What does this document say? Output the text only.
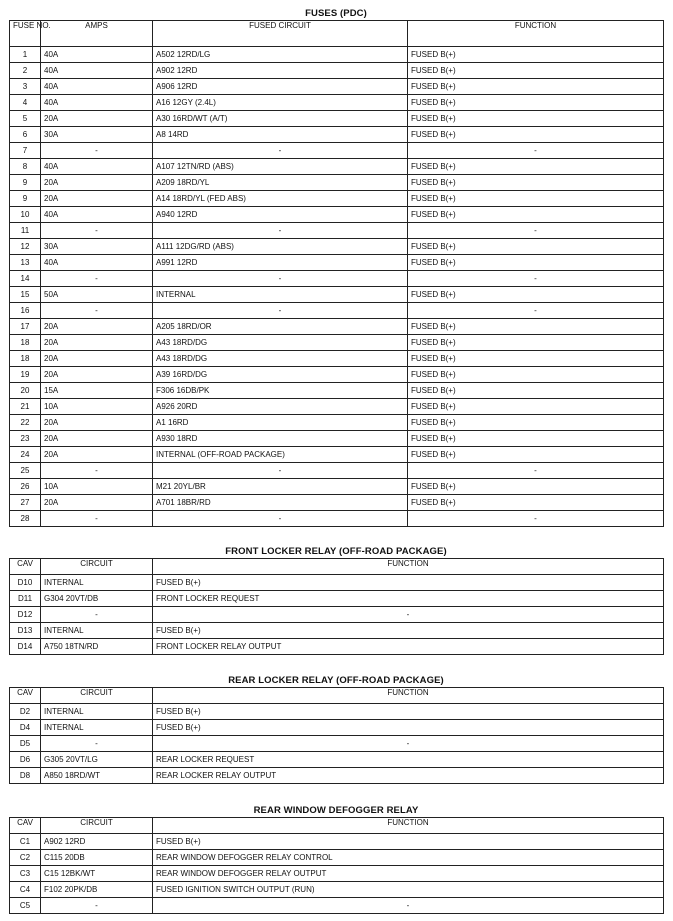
FUSES (PDC)
FUSE NO.	AMPS	FUSED CIRCUIT	FUNCTION
1	40A	A502 12RD/LG	FUSED B(+)
2	40A	A902 12RD	FUSED B(+)
3	40A	A906 12RD	FUSED B(+)
4	40A	A16 12GY (2.4L)	FUSED B(+)
5	20A	A30 16RD/WT (A/T)	FUSED B(+)
6	30A	A8 14RD	FUSED B(+)
7	-	-	-
8	40A	A107 12TN/RD (ABS)	FUSED B(+)
9	20A	A209 18RD/YL	FUSED B(+)
9	20A	A14 18RD/YL (FED ABS)	FUSED B(+)
10	40A	A940 12RD	FUSED B(+)
11	-	-	-
12	30A	A111 12DG/RD (ABS)	FUSED B(+)
13	40A	A991 12RD	FUSED B(+)
14	-	-	-
15	50A	INTERNAL	FUSED B(+)
16	-	-	-
17	20A	A205 18RD/OR	FUSED B(+)
18	20A	A43 18RD/DG	FUSED B(+)
18	20A	A43 18RD/DG	FUSED B(+)
19	20A	A39 16RD/DG	FUSED B(+)
20	15A	F306 16DB/PK	FUSED B(+)
21	10A	A926 20RD	FUSED B(+)
22	20A	A1 16RD	FUSED B(+)
23	20A	A930 18RD	FUSED B(+)
24	20A	INTERNAL (OFF-ROAD PACKAGE)	FUSED B(+)
25	-	-	-
26	10A	M21 20YL/BR	FUSED B(+)
27	20A	A701 18BR/RD	FUSED B(+)
28	-	-	-
FRONT LOCKER RELAY (OFF-ROAD PACKAGE)
CAV	CIRCUIT	FUNCTION
D10	INTERNAL	FUSED B(+)
D11	G304 20VT/DB	FRONT LOCKER REQUEST
D12	-	-
D13	INTERNAL	FUSED B(+)
D14	A750 18TN/RD	FRONT LOCKER RELAY OUTPUT
REAR LOCKER RELAY (OFF-ROAD PACKAGE)
CAV	CIRCUIT	FUNCTION
D2	INTERNAL	FUSED B(+)
D4	INTERNAL	FUSED B(+)
D5	-	-
D6	G305 20VT/LG	REAR LOCKER REQUEST
D8	A850 18RD/WT	REAR LOCKER RELAY OUTPUT
REAR WINDOW DEFOGGER RELAY
CAV	CIRCUIT	FUNCTION
C1	A902 12RD	FUSED B(+)
C2	C115 20DB	REAR WINDOW DEFOGGER RELAY CONTROL
C3	C15 12BK/WT	REAR WINDOW DEFOGGER RELAY OUTPUT
C4	F102 20PK/DB	FUSED IGNITION SWITCH OUTPUT (RUN)
C5	-	-
